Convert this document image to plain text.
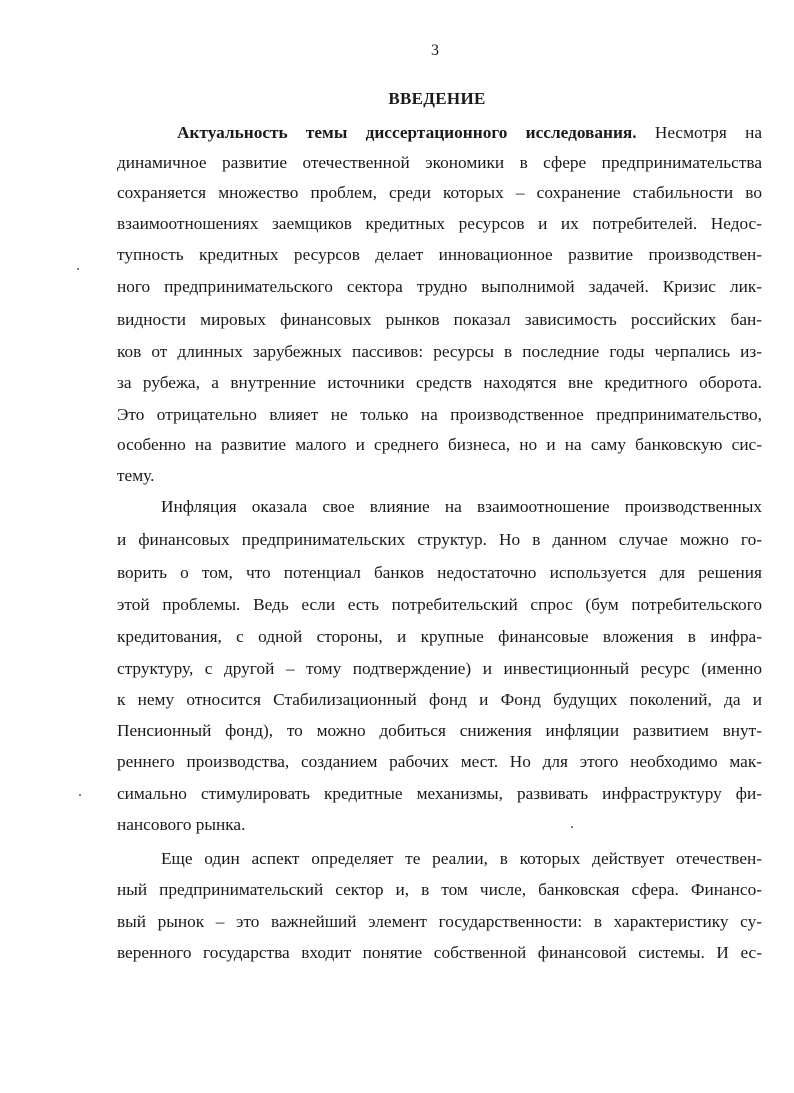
3
ВВЕДЕНИЕ
Актуальность темы диссертационного исследования. Несмотря на
динамичное развитие отечественной экономики в сфере предпринимательства
сохраняется множество проблем, среди которых – сохранение стабильности во
взаимоотношениях заемщиков кредитных ресурсов и их потребителей. Недос-
тупность кредитных ресурсов делает инновационное развитие производствен-
ного предпринимательского сектора трудно выполнимой задачей. Кризис лик-
видности мировых финансовых рынков показал зависимость российских бан-
ков от длинных зарубежных пассивов: ресурсы в последние годы черпались из-
за рубежа, а внутренние источники средств находятся вне кредитного оборота.
Это отрицательно влияет не только на производственное предпринимательство,
особенно на развитие малого и среднего бизнеса, но и на саму банковскую сис-
тему.
Инфляция оказала свое влияние на взаимоотношение производственных
и финансовых предпринимательских структур. Но в данном случае можно го-
ворить о том, что потенциал банков недостаточно используется для решения
этой проблемы. Ведь если есть потребительский спрос (бум потребительского
кредитования, с одной стороны, и крупные финансовые вложения в инфра-
структуру, с другой – тому подтверждение) и инвестиционный ресурс (именно
к нему относится Стабилизационный фонд и Фонд будущих поколений, да и
Пенсионный фонд), то можно добиться снижения инфляции развитием внут-
реннего производства, созданием рабочих мест. Но для этого необходимо мак-
симально стимулировать кредитные механизмы, развивать инфраструктуру фи-
нансового рынка.
Еще один аспект определяет те реалии, в которых действует отечествен-
ный предпринимательский сектор и, в том числе, банковская сфера. Финансо-
вый рынок – это важнейший элемент государственности: в характеристику су-
веренного государства входит понятие собственной финансовой системы. И ес-
